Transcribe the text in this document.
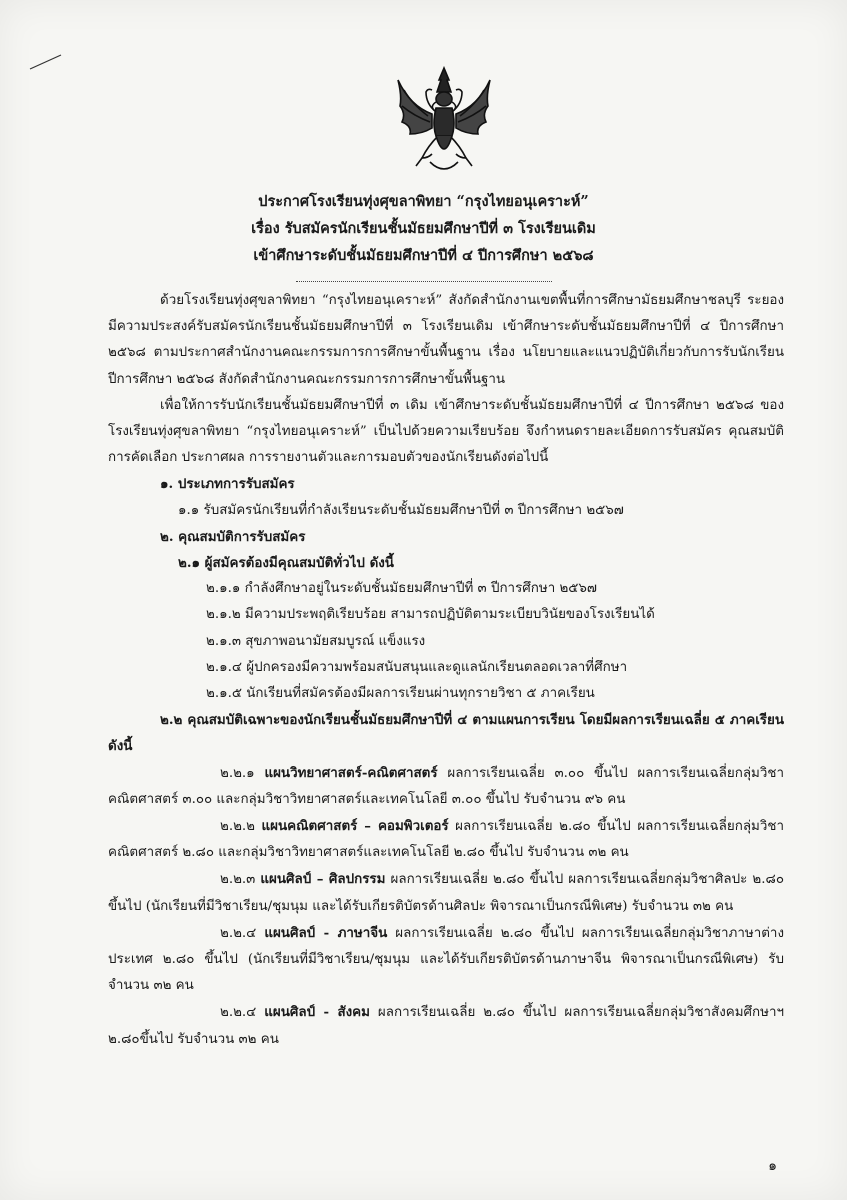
ประกาศโรงเรียนทุ่งศุขลาพิทยา “กรุงไทยอนุเคราะห์”
เรื่อง รับสมัครนักเรียนชั้นมัธยมศึกษาปีที่ ๓ โรงเรียนเดิม
เข้าศึกษาระดับชั้นมัธยมศึกษาปีที่ ๔ ปีการศึกษา ๒๕๖๘

ด้วยโรงเรียนทุ่งศุขลาพิทยา “กรุงไทยอนุเคราะห์” สังกัดสำนักงานเขตพื้นที่การศึกษามัธยมศึกษาชลบุรี ระยอง มีความประสงค์รับสมัครนักเรียนชั้นมัธยมศึกษาปีที่ ๓ โรงเรียนเดิม เข้าศึกษาระดับชั้นมัธยมศึกษาปีที่ ๔ ปีการศึกษา ๒๕๖๘ ตามประกาศสำนักงานคณะกรรมการการศึกษาขั้นพื้นฐาน เรื่อง นโยบายและแนวปฏิบัติเกี่ยวกับการรับนักเรียน ปีการศึกษา ๒๕๖๘ สังกัดสำนักงานคณะกรรมการการศึกษาขั้นพื้นฐาน

เพื่อให้การรับนักเรียนชั้นมัธยมศึกษาปีที่ ๓ เดิม เข้าศึกษาระดับชั้นมัธยมศึกษาปีที่ ๔ ปีการศึกษา ๒๕๖๘ ของโรงเรียนทุ่งศุขลาพิทยา “กรุงไทยอนุเคราะห์” เป็นไปด้วยความเรียบร้อย จึงกำหนดรายละเอียดการรับสมัคร คุณสมบัติ การคัดเลือก ประกาศผล การรายงานตัวและการมอบตัวของนักเรียนดังต่อไปนี้

๑. ประเภทการรับสมัคร

๑.๑ รับสมัครนักเรียนที่กำลังเรียนระดับชั้นมัธยมศึกษาปีที่ ๓ ปีการศึกษา ๒๕๖๗

๒. คุณสมบัติการรับสมัคร

๒.๑ ผู้สมัครต้องมีคุณสมบัติทั่วไป ดังนี้

๒.๑.๑ กำลังศึกษาอยู่ในระดับชั้นมัธยมศึกษาปีที่ ๓ ปีการศึกษา ๒๕๖๗

๒.๑.๒ มีความประพฤติเรียบร้อย สามารถปฏิบัติตามระเบียบวินัยของโรงเรียนได้

๒.๑.๓ สุขภาพอนามัยสมบูรณ์ แข็งแรง

๒.๑.๔ ผู้ปกครองมีความพร้อมสนับสนุนและดูแลนักเรียนตลอดเวลาที่ศึกษา

๒.๑.๕ นักเรียนที่สมัครต้องมีผลการเรียนผ่านทุกรายวิชา ๕ ภาคเรียน

๒.๒ คุณสมบัติเฉพาะของนักเรียนชั้นมัธยมศึกษาปีที่ ๔ ตามแผนการเรียน โดยมีผลการเรียนเฉลี่ย ๕ ภาคเรียน ดังนี้

๒.๒.๑ แผนวิทยาศาสตร์-คณิตศาสตร์ ผลการเรียนเฉลี่ย ๓.๐๐ ขึ้นไป ผลการเรียนเฉลี่ยกลุ่มวิชาคณิตศาสตร์ ๓.๐๐ และกลุ่มวิชาวิทยาศาสตร์และเทคโนโลยี ๓.๐๐ ขึ้นไป รับจำนวน ๙๖ คน

๒.๒.๒ แผนคณิตศาสตร์ – คอมพิวเตอร์ ผลการเรียนเฉลี่ย ๒.๘๐ ขึ้นไป ผลการเรียนเฉลี่ยกลุ่มวิชาคณิตศาสตร์ ๒.๘๐ และกลุ่มวิชาวิทยาศาสตร์และเทคโนโลยี ๒.๘๐ ขึ้นไป รับจำนวน ๓๒ คน

๒.๒.๓ แผนศิลป์ – ศิลปกรรม ผลการเรียนเฉลี่ย ๒.๘๐ ขึ้นไป ผลการเรียนเฉลี่ยกลุ่มวิชาศิลปะ ๒.๘๐ ขึ้นไป (นักเรียนที่มีวิชาเรียน/ชุมนุม และได้รับเกียรติบัตรด้านศิลปะ พิจารณาเป็นกรณีพิเศษ) รับจำนวน ๓๒ คน

๒.๒.๔ แผนศิลป์ - ภาษาจีน ผลการเรียนเฉลี่ย ๒.๘๐ ขึ้นไป ผลการเรียนเฉลี่ยกลุ่มวิชาภาษาต่างประเทศ ๒.๘๐ ขึ้นไป (นักเรียนที่มีวิชาเรียน/ชุมนุม และได้รับเกียรติบัตรด้านภาษาจีน พิจารณาเป็นกรณีพิเศษ) รับจำนวน ๓๒ คน

๒.๒.๔ แผนศิลป์ - สังคม ผลการเรียนเฉลี่ย ๒.๘๐ ขึ้นไป ผลการเรียนเฉลี่ยกลุ่มวิชาสังคมศึกษาฯ ๒.๘๐ขึ้นไป รับจำนวน ๓๒ คน

๑
